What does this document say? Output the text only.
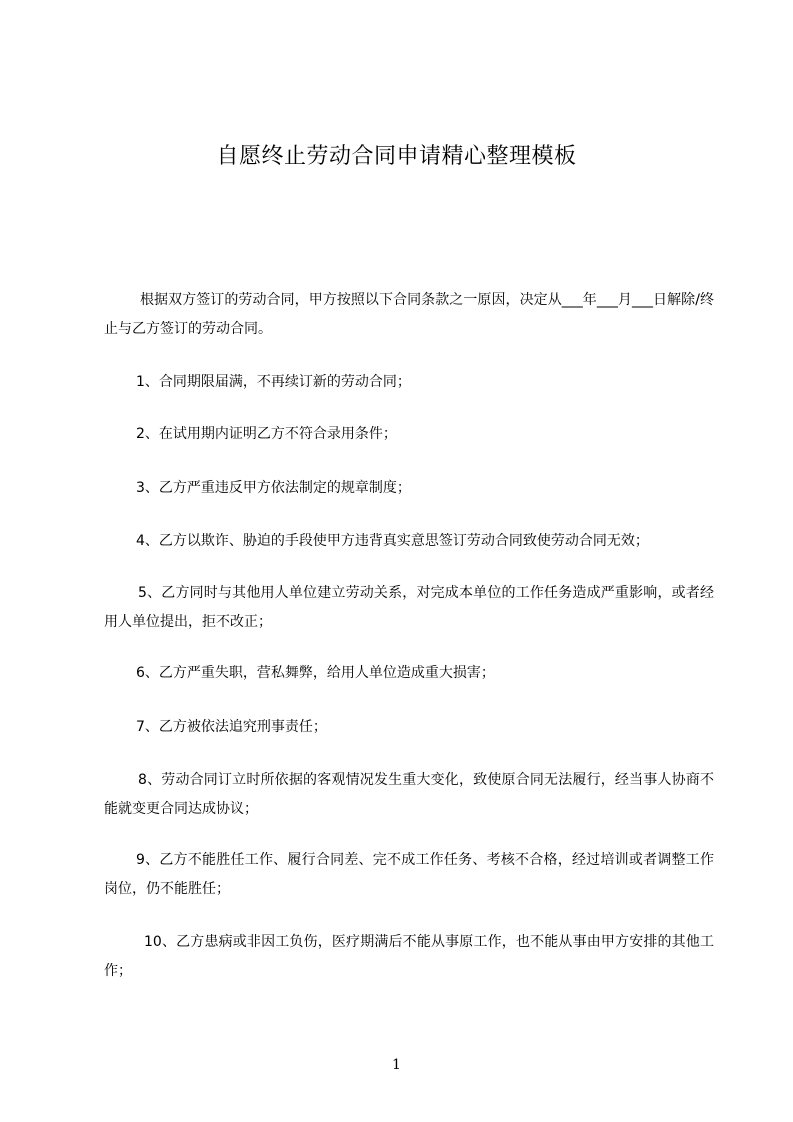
自愿终止劳动合同申请精心整理模板

根据双方签订的劳动合同，甲方按照以下合同条款之一原因，决定从___年___月___日解除/终止与乙方签订的劳动合同。

1、合同期限届满，不再续订新的劳动合同；

2、在试用期内证明乙方不符合录用条件；

3、乙方严重违反甲方依法制定的规章制度；

4、乙方以欺诈、胁迫的手段使甲方违背真实意思签订劳动合同致使劳动合同无效；

5、乙方同时与其他用人单位建立劳动关系，对完成本单位的工作任务造成严重影响，或者经用人单位提出，拒不改正；

6、乙方严重失职，营私舞弊，给用人单位造成重大损害；

7、乙方被依法追究刑事责任；

8、劳动合同订立时所依据的客观情况发生重大变化，致使原合同无法履行，经当事人协商不能就变更合同达成协议；

9、乙方不能胜任工作、履行合同差、完不成工作任务、考核不合格，经过培训或者调整工作岗位，仍不能胜任；

10、乙方患病或非因工负伤，医疗期满后不能从事原工作，也不能从事由甲方安排的其他工作；

1
